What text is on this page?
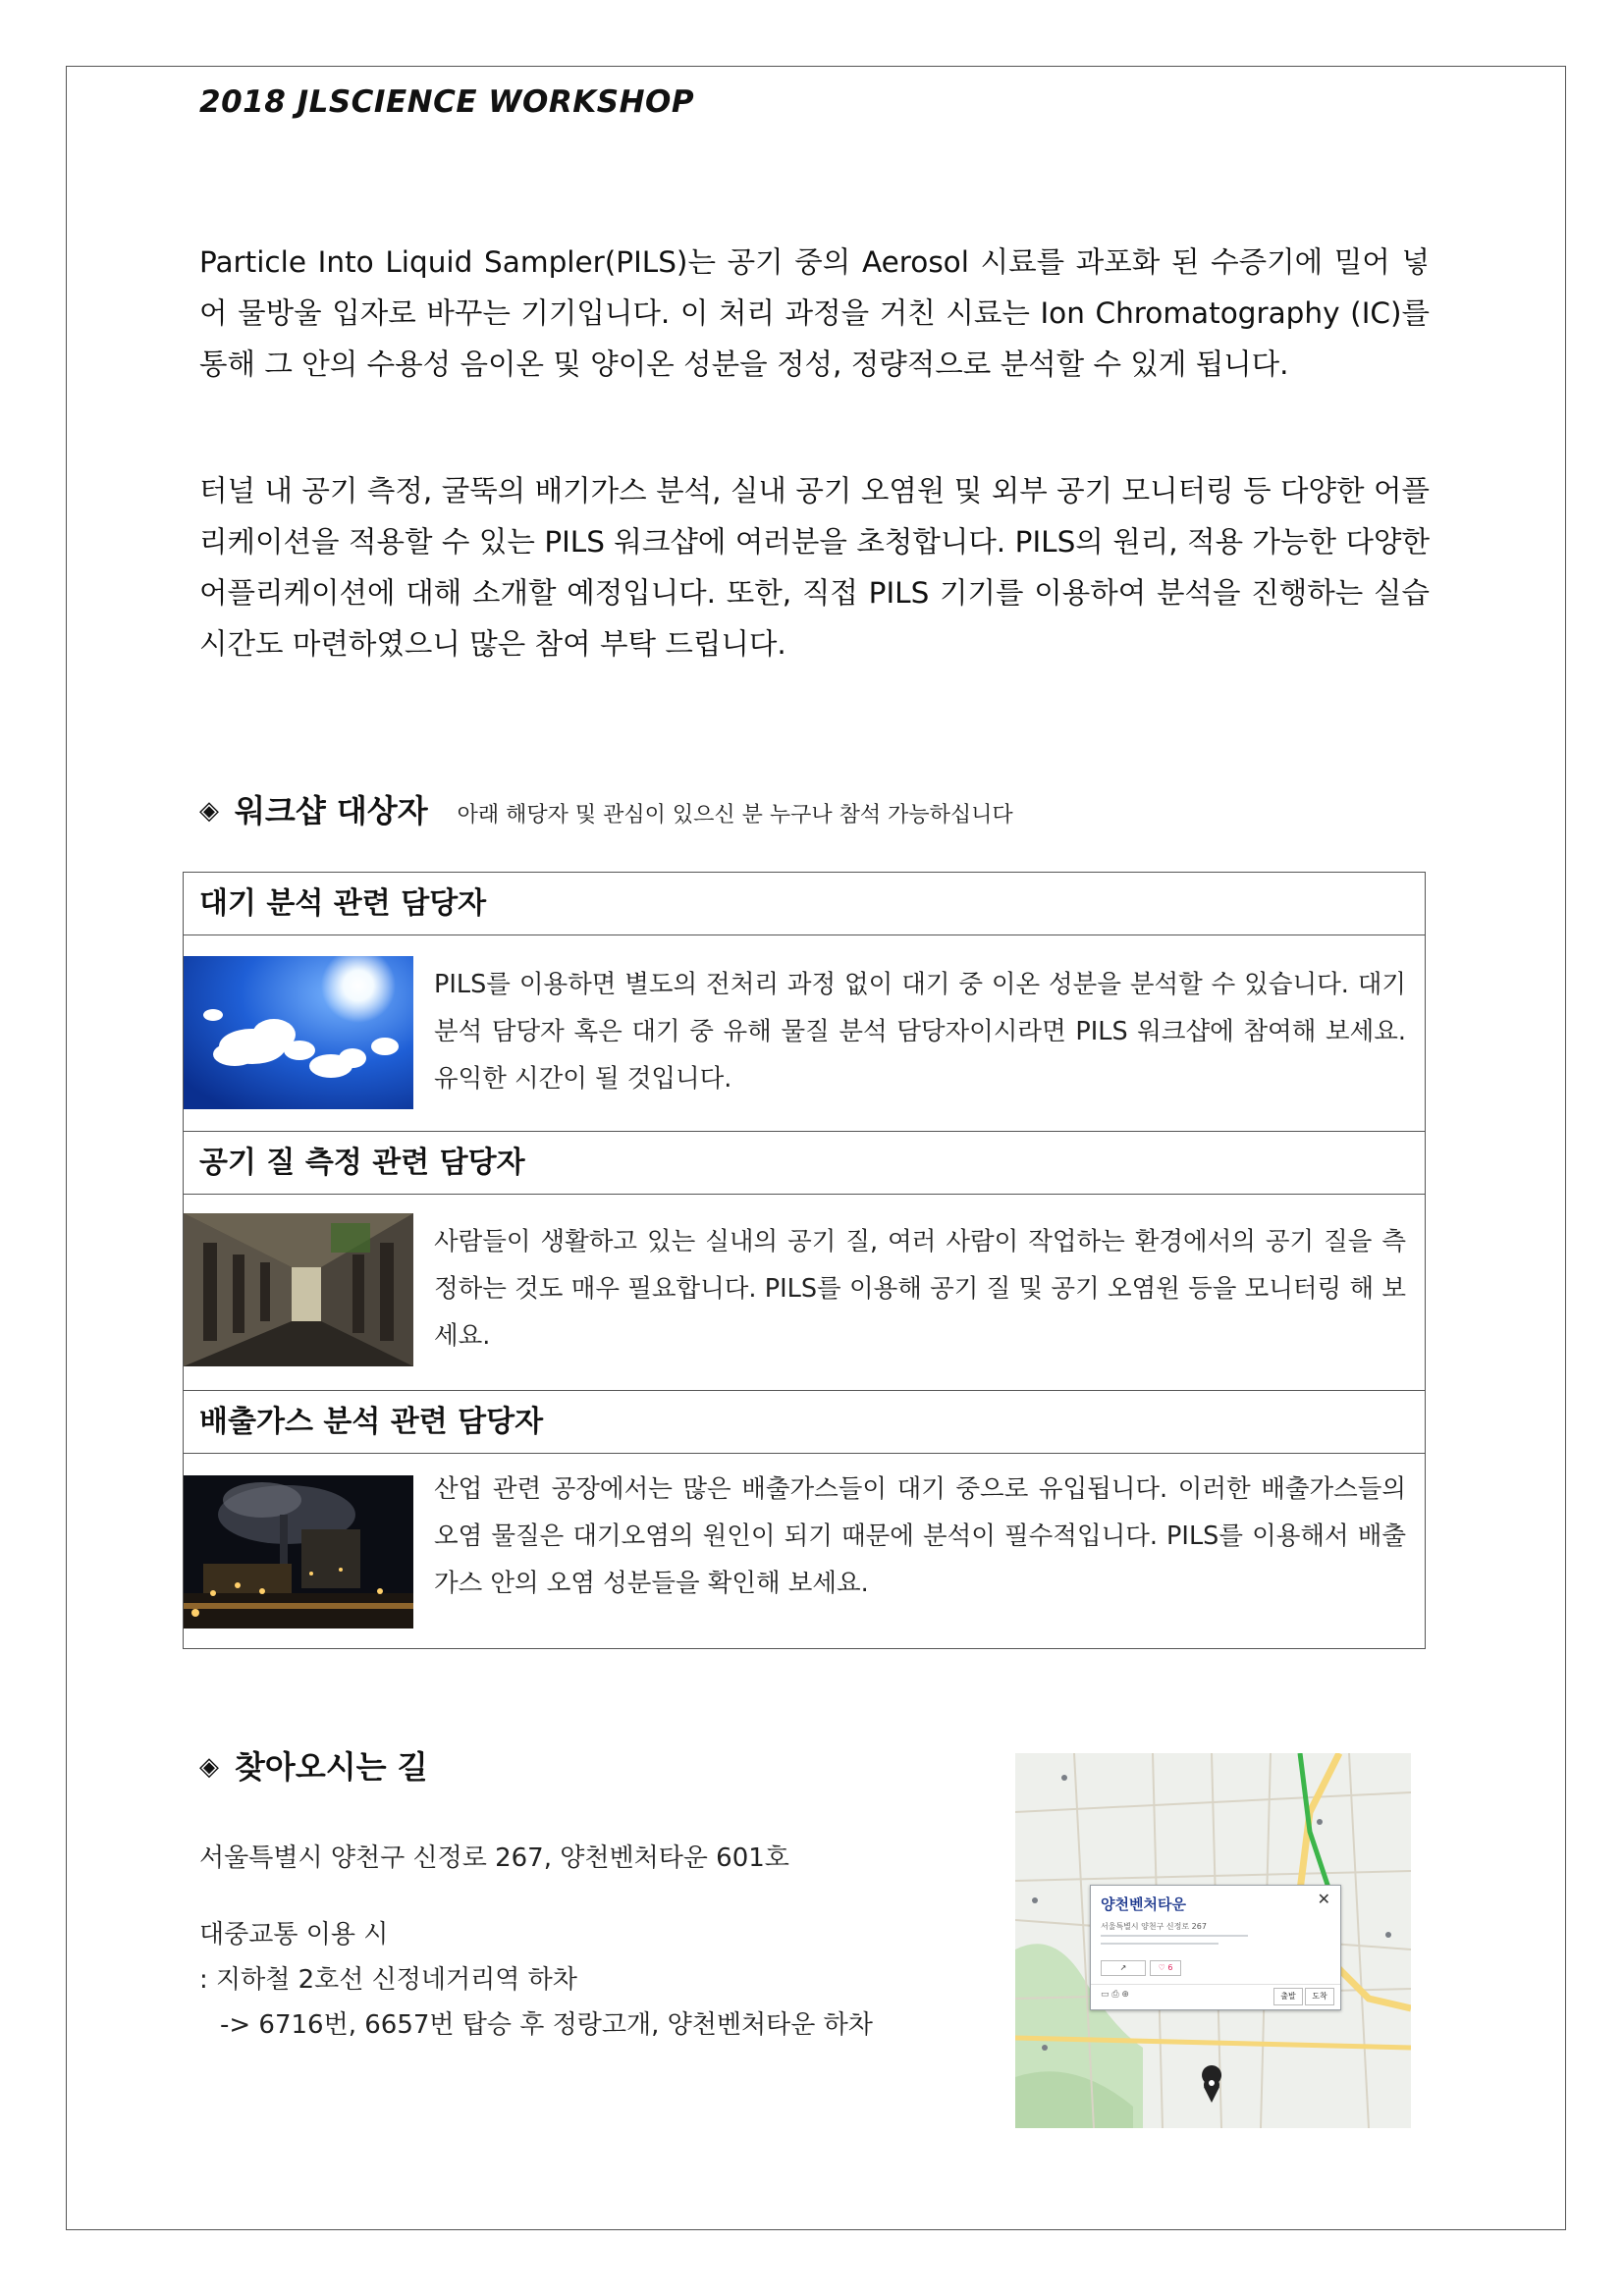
2018 JLSCIENCE WORKSHOP

Particle Into Liquid Sampler(PILS)는 공기 중의 Aerosol 시료를 과포화 된 수증기에 밀어 넣어 물방울 입자로 바꾸는 기기입니다. 이 처리 과정을 거친 시료는 Ion Chromatography (IC)를 통해 그 안의 수용성 음이온 및 양이온 성분을 정성, 정량적으로 분석할 수 있게 됩니다.

터널 내 공기 측정, 굴뚝의 배기가스 분석, 실내 공기 오염원 및 외부 공기 모니터링 등 다양한 어플리케이션을 적용할 수 있는 PILS 워크샵에 여러분을 초청합니다. PILS의 원리, 적용 가능한 다양한 어플리케이션에 대해 소개할 예정입니다. 또한, 직접 PILS 기기를 이용하여 분석을 진행하는 실습 시간도 마련하였으니 많은 참여 부탁 드립니다.

◈ 워크샵 대상자 아래 해당자 및 관심이 있으신 분 누구나 참석 가능하십니다
대기 분석 관련 담당자
PILS를 이용하면 별도의 전처리 과정 없이 대기 중 이온 성분을 분석할 수 있습니다. 대기 분석 담당자 혹은 대기 중 유해 물질 분석 담당자이시라면 PILS 워크샵에 참여해 보세요. 유익한 시간이 될 것입니다.
공기 질 측정 관련 담당자
사람들이 생활하고 있는 실내의 공기 질, 여러 사람이 작업하는 환경에서의 공기 질을 측정하는 것도 매우 필요합니다. PILS를 이용해 공기 질 및 공기 오염원 등을 모니터링 해 보세요.
배출가스 분석 관련 담당자
산업 관련 공장에서는 많은 배출가스들이 대기 중으로 유입됩니다. 이러한 배출가스들의 오염 물질은 대기오염의 원인이 되기 때문에 분석이 필수적입니다. PILS를 이용해서 배출가스 안의 오염 성분들을 확인해 보세요.
◈ 찾아오시는 길
서울특별시 양천구 신정로 267, 양천벤처타운 601호
대중교통 이용 시
: 지하철 2호선 신정네거리역 하차
-> 6716번, 6657번 탑승 후 정랑고개, 양천벤처타운 하차
양천벤처타운	✕
서울특별시 양천구 신정로 267
↗	♡ 6
▭ ⎙ ⊕	출발	도착
